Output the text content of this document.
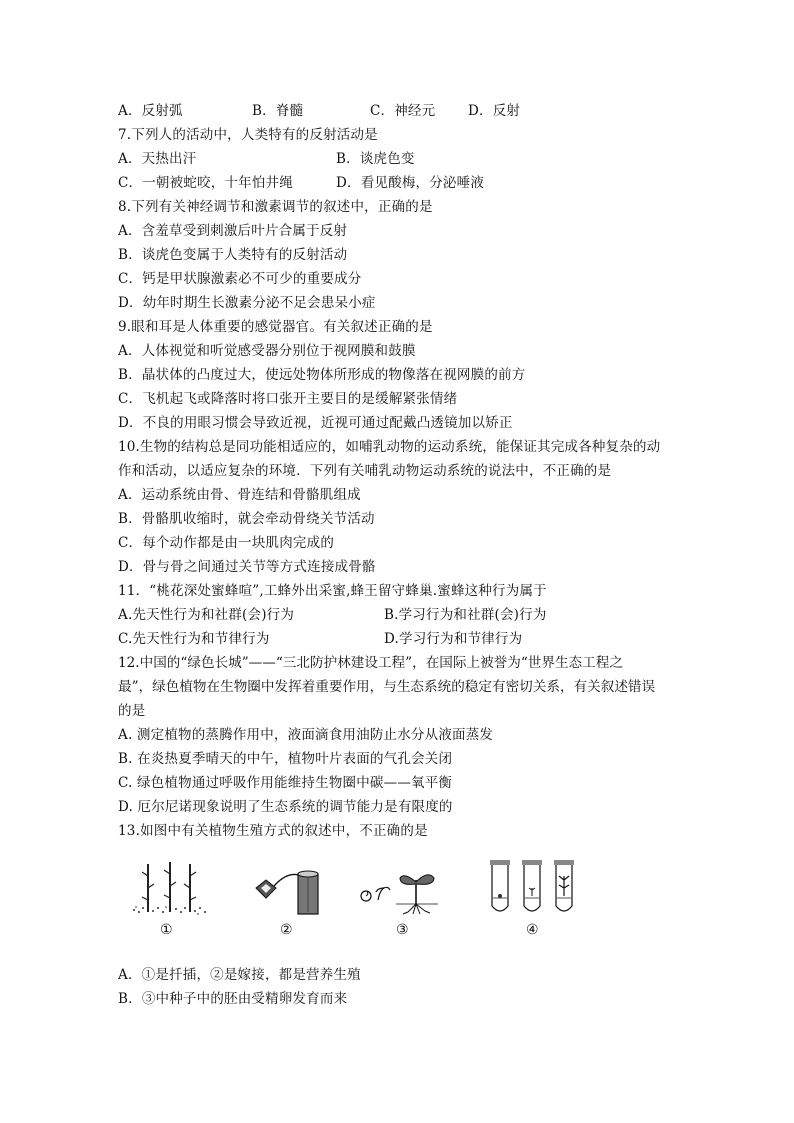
A．反射弧	B．脊髓	C．神经元 D．反射
7.下列人的活动中，人类特有的反射活动是
A．天热出汗	B．谈虎色变
C．一朝被蛇咬，十年怕井绳	D．看见酸梅，分泌唾液
8.下列有关神经调节和激素调节的叙述中，正确的是
A．含羞草受到刺激后叶片合属于反射
B．谈虎色变属于人类特有的反射活动
C．钙是甲状腺激素必不可少的重要成分
D．幼年时期生长激素分泌不足会患呆小症
9.眼和耳是人体重要的感觉器官。有关叙述正确的是
A．人体视觉和听觉感受器分别位于视网膜和鼓膜
B．晶状体的凸度过大，使远处物体所形成的物像落在视网膜的前方
C．飞机起飞或降落时将口张开主要目的是缓解紧张情绪
D．不良的用眼习惯会导致近视，近视可通过配戴凸透镜加以矫正
10.生物的结构总是同功能相适应的，如哺乳动物的运动系统，能保证其完成各种复杂的动
作和活动，以适应复杂的环境．下列有关哺乳动物运动系统的说法中，不正确的是
A．运动系统由骨、骨连结和骨骼肌组成
B．骨骼肌收缩时，就会牵动骨绕关节活动
C．每个动作都是由一块肌肉完成的
D．骨与骨之间通过关节等方式连接成骨骼
11．“桃花深处蜜蜂喧”,工蜂外出采蜜,蜂王留守蜂巢.蜜蜂这种行为属于
A.先天性行为和社群(会)行为	B.学习行为和社群(会)行为
C.先天性行为和节律行为	D.学习行为和节律行为
12.中国的“绿色长城”——“三北防护林建设工程”，在国际上被誉为“世界生态工程之
最”，绿色植物在生物圈中发挥着重要作用，与生态系统的稳定有密切关系，有关叙述错误
的是
A. 测定植物的蒸腾作用中，液面滴食用油防止水分从液面蒸发
B. 在炎热夏季晴天的中午，植物叶片表面的气孔会关闭
C. 绿色植物通过呼吸作用能维持生物圈中碳——氧平衡
D. 厄尔尼诺现象说明了生态系统的调节能力是有限度的
13.如图中有关植物生殖方式的叙述中，不正确的是
①	②	③	④
A．①是扦插，②是嫁接，都是营养生殖
B．③中种子中的胚由受精卵发育而来
